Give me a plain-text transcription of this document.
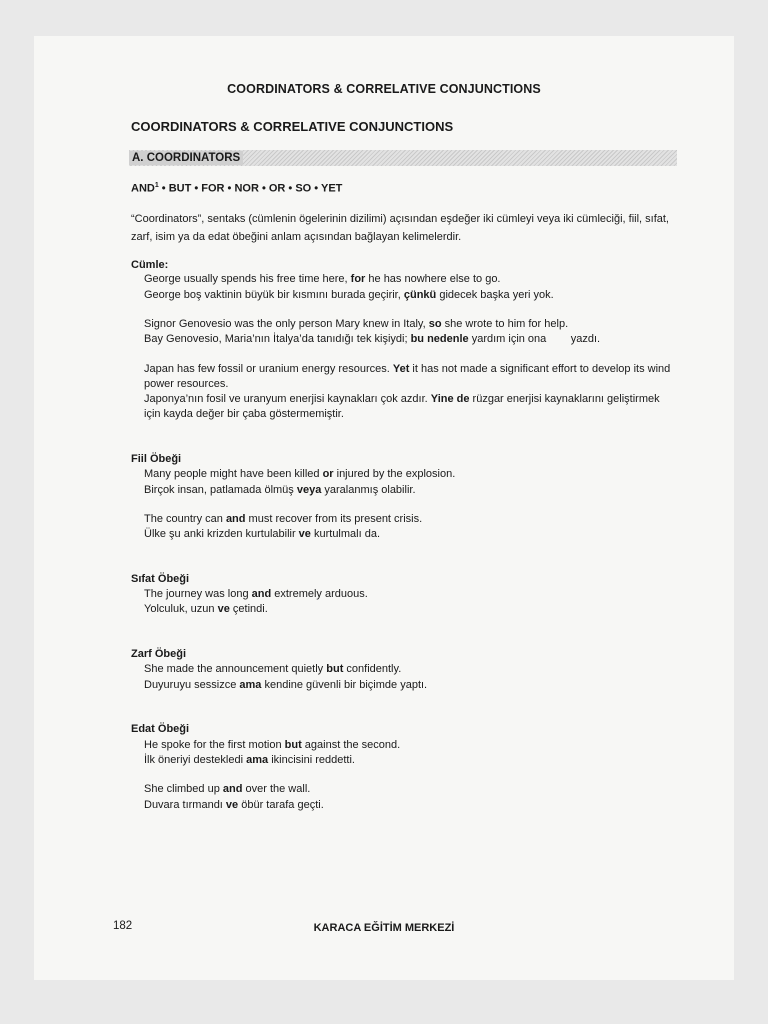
COORDINATORS & CORRELATIVE CONJUNCTIONS
COORDINATORS & CORRELATIVE CONJUNCTIONS
A. COORDINATORS
AND$^1$ • BUT • FOR • NOR • OR • SO • YET
“Coordinators”, sentaks (cümlenin ögelerinin dizilimi) açısından eşdeğer iki cümleyi veya iki cümleciği, fiil, sıfat, zarf, isim ya da edat öbeğini anlam açısından bağlayan kelimelerdir.
Cümle:
George usually spends his free time here, for he has nowhere else to go.
George boş vaktinin büyük bir kısmını burada geçirir, çünkü gidecek başka yeri yok.
Signor Genovesio was the only person Mary knew in Italy, so she wrote to him for help.
Bay Genovesio, Maria’nın İtalya’da tanıdığı tek kişiydi; bu nedenle yardım için ona        yazdı.
Japan has few fossil or uranium energy resources. Yet it has not made a significant effort to develop its wind power resources.
Japonya’nın fosil ve uranyum enerjisi kaynakları çok azdır. Yine de rüzgar enerjisi kaynaklarını geliştirmek için kayda değer bir çaba göstermemiştir.
Fiil Öbeği
Many people might have been killed or injured by the explosion.
Birçok insan, patlamada ölmüş veya yaralanmış olabilir.
The country can and must recover from its present crisis.
Ülke şu anki krizden kurtulabilir ve kurtulmalı da.
Sıfat Öbeği
The journey was long and extremely arduous.
Yolculuk, uzun ve çetindi.
Zarf Öbeği
She made the announcement quietly but confidently.
Duyuruyu sessizce ama kendine güvenli bir biçimde yaptı.
Edat Öbeği
He spoke for the first motion but against the second.
İlk öneriyi destekledi ama ikincisini reddetti.
She climbed up and over the wall.
Duvara tırmandı ve öbür tarafa geçti.
182	KARACA EĞİTİM MERKEZİ
